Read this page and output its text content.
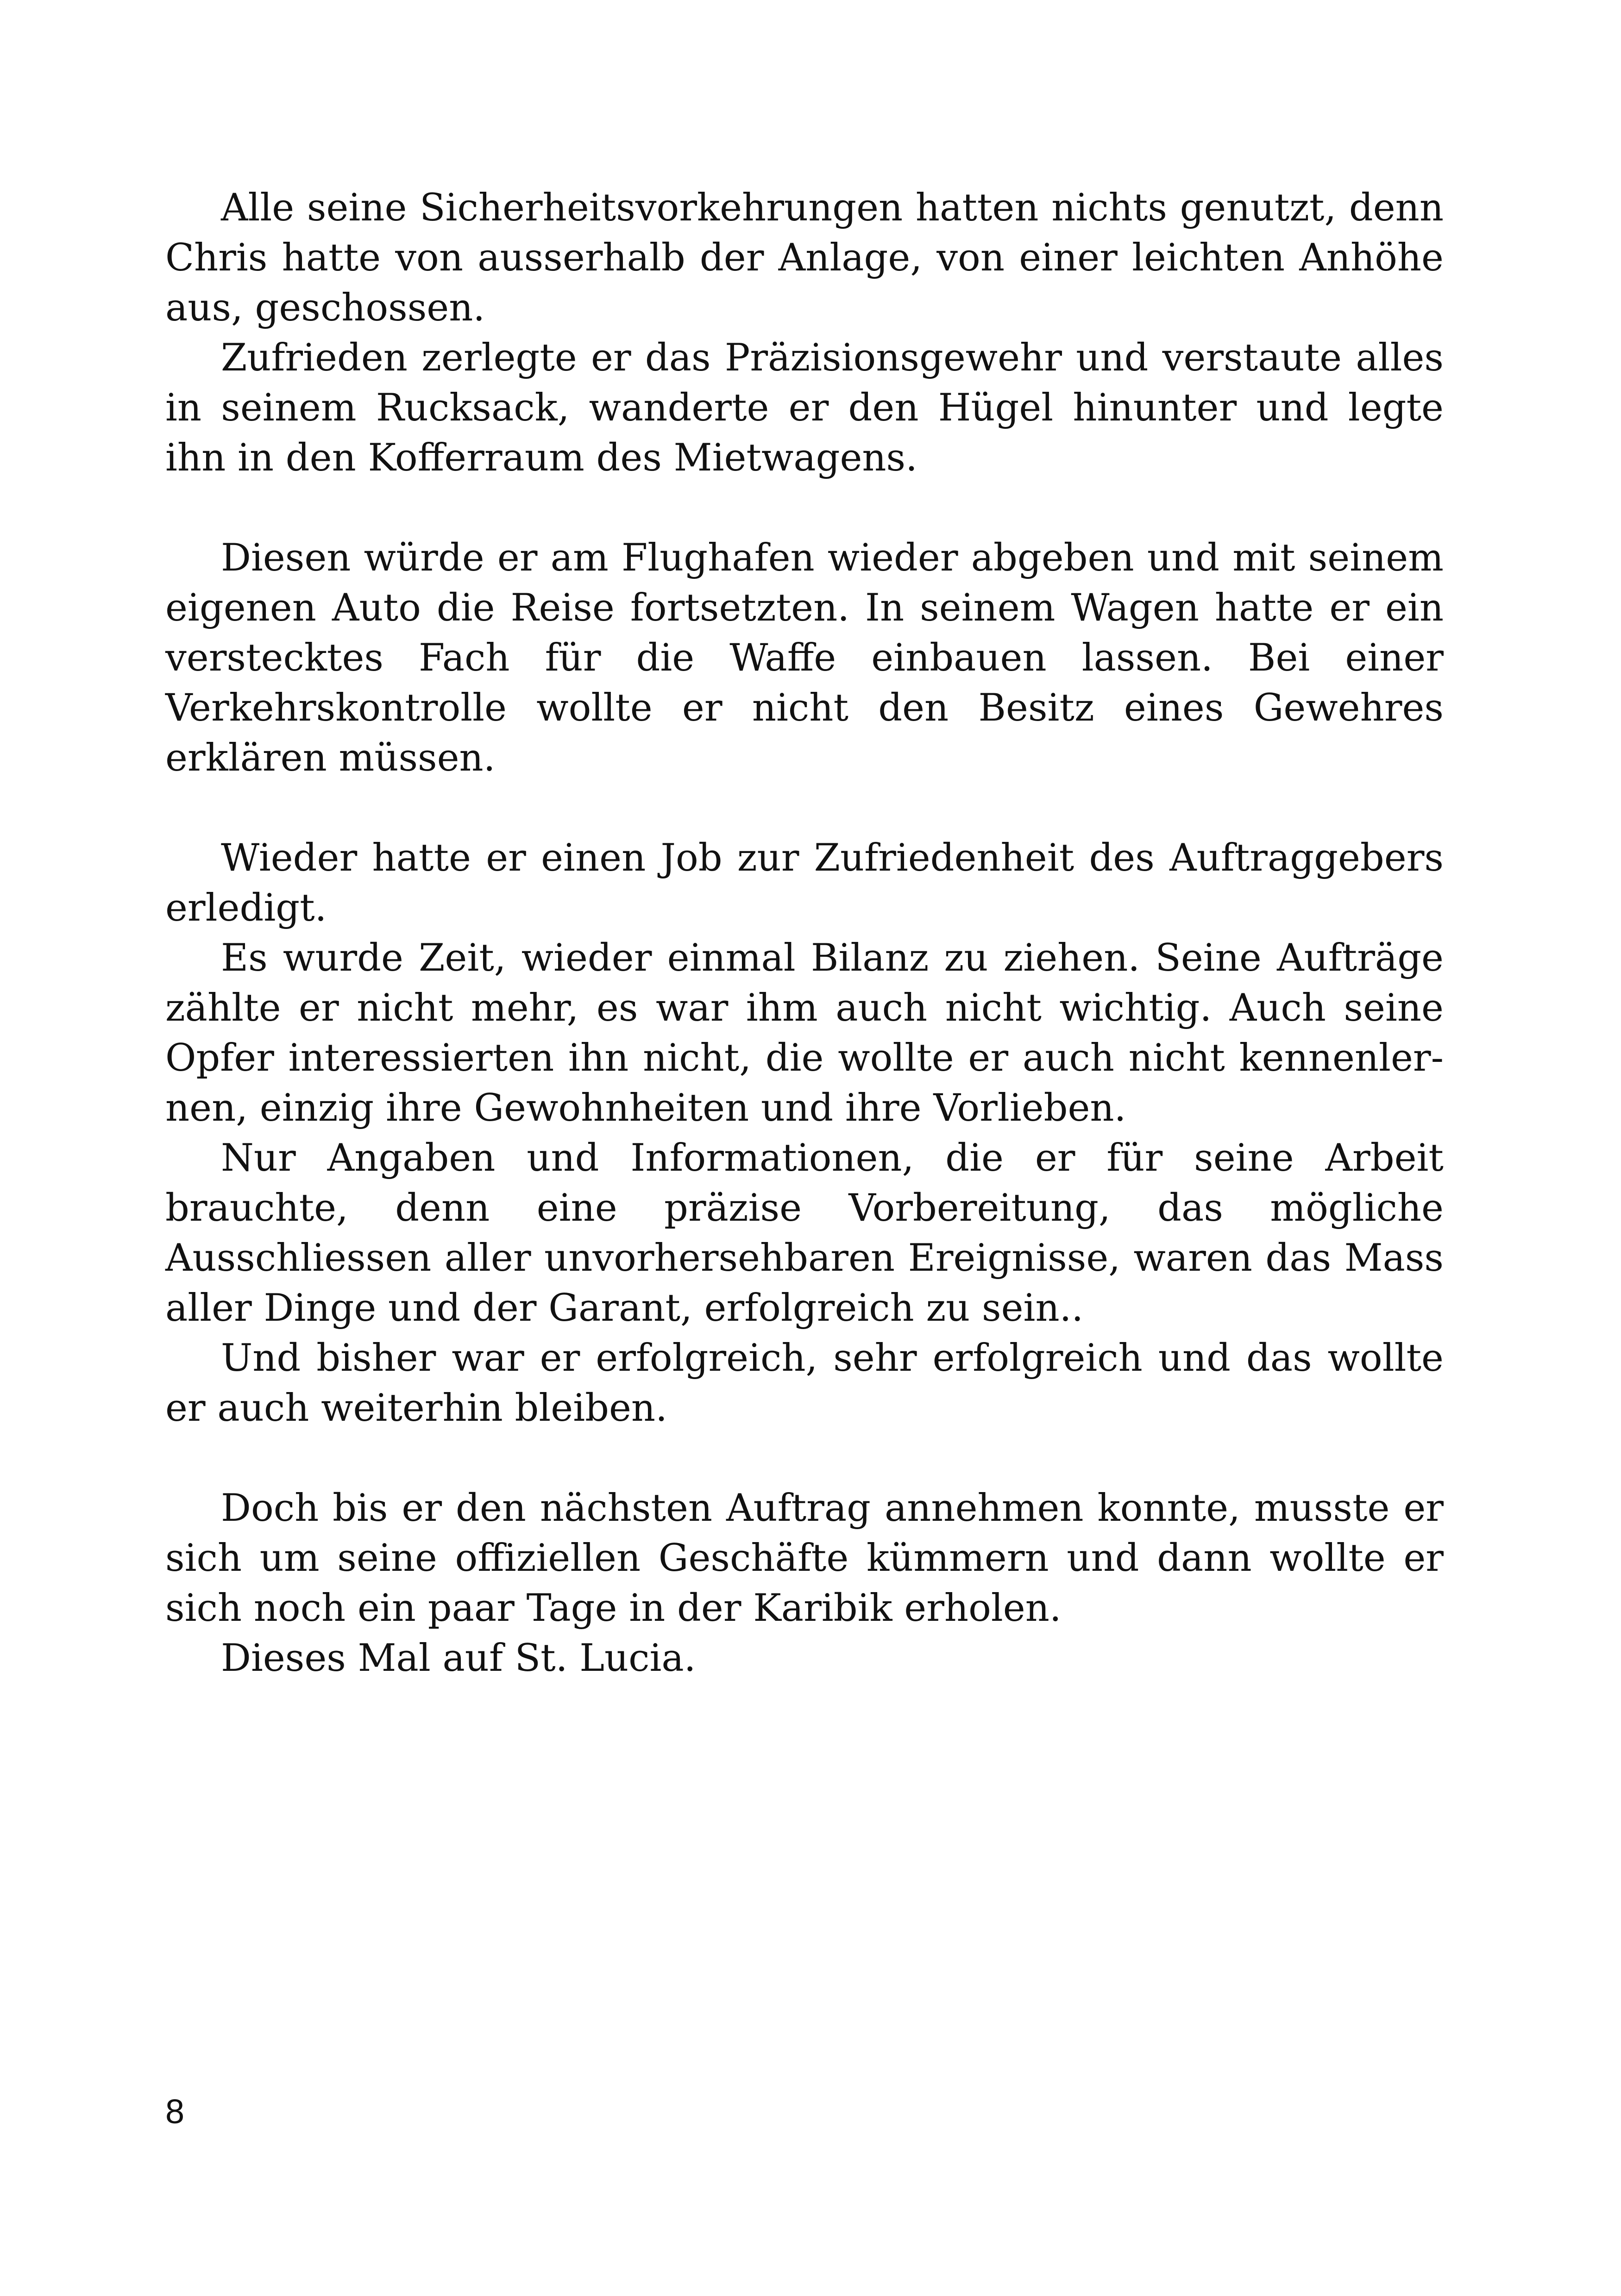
Alle seine Sicherheitsvorkehrungen hatten nichts genutzt, denn Chris hatte von ausserhalb der Anlage, von einer leichten Anhöhe aus, geschossen.

Zufrieden zerlegte er das Präzisionsgewehr und verstaute alles in seinem Rucksack, wanderte er den Hügel hinunter und legte ihn in den Kofferraum des Mietwagens.

Diesen würde er am Flughafen wieder abgeben und mit seinem eigenen Auto die Reise fortsetzten. In seinem Wagen hatte er ein verstecktes Fach für die Waffe einbauen lassen. Bei einer Verkehrskontrolle wollte er nicht den Besitz eines Gewehres erklären müssen.

Wieder hatte er einen Job zur Zufriedenheit des Auftraggebers erledigt.

Es wurde Zeit, wieder einmal Bilanz zu ziehen. Seine Aufträge zählte er nicht mehr, es war ihm auch nicht wichtig. Auch seine Opfer interessierten ihn nicht, die wollte er auch nicht kennenlernen, einzig ihre Gewohnheiten und ihre Vorlieben.

Nur Angaben und Informationen, die er für seine Arbeit brauchte, denn eine präzise Vorbereitung, das mögliche Ausschliessen aller unvorhersehbaren Ereignisse, waren das Mass aller Dinge und der Garant, erfolgreich zu sein..

Und bisher war er erfolgreich, sehr erfolgreich und das wollte er auch weiterhin bleiben.

Doch bis er den nächsten Auftrag annehmen konnte, musste er sich um seine offiziellen Geschäfte kümmern und dann wollte er sich noch ein paar Tage in der Karibik erholen.

Dieses Mal auf St. Lucia.

8
